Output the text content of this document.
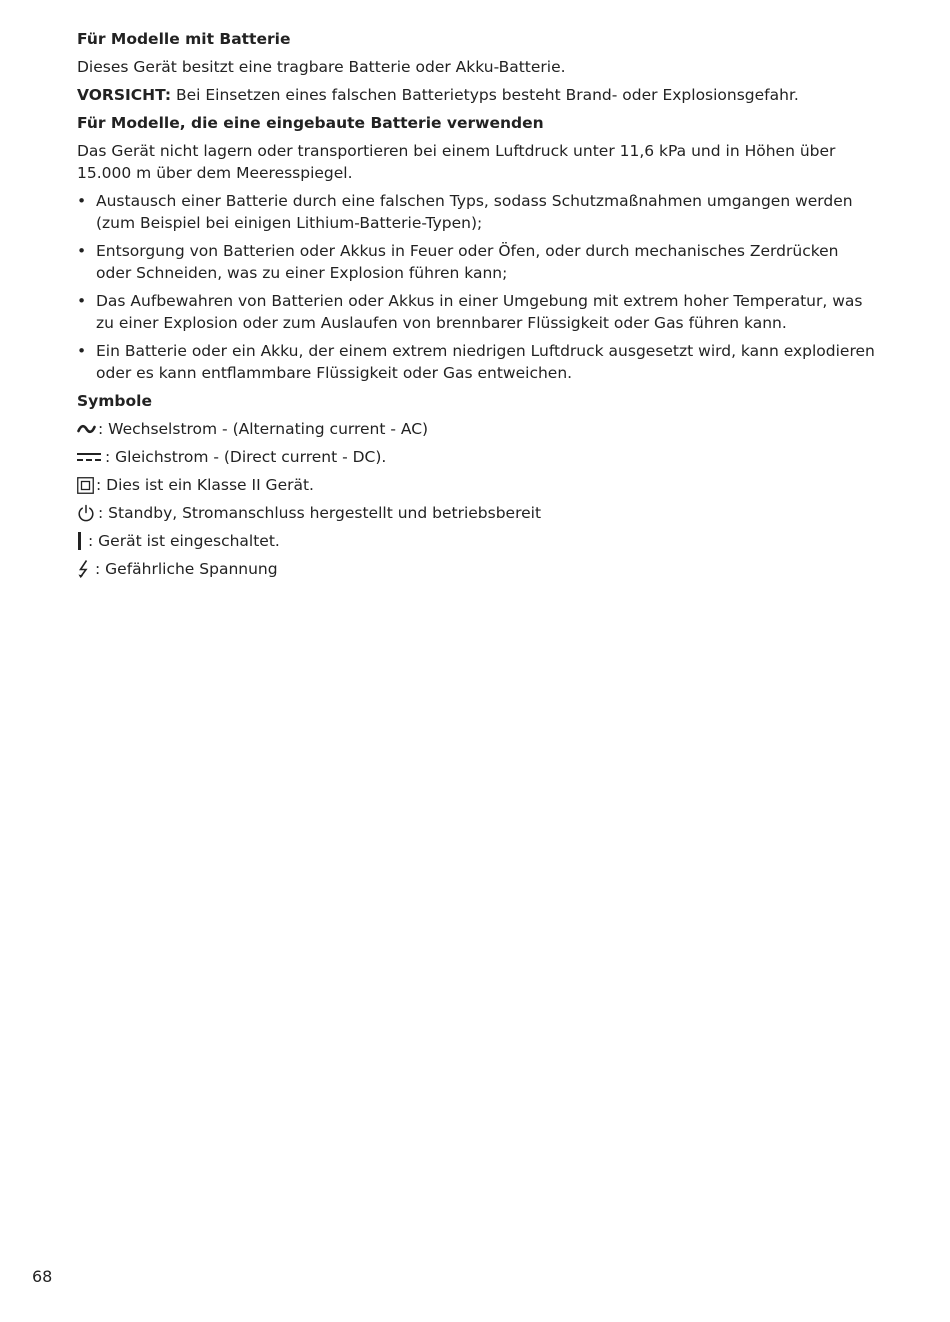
Für Modelle mit Batterie

Dieses Gerät besitzt eine tragbare Batterie oder Akku-Batterie.

VORSICHT: Bei Einsetzen eines falschen Batterietyps besteht Brand- oder Explosionsgefahr.

Für Modelle, die eine eingebaute Batterie verwenden

Das Gerät nicht lagern oder transportieren bei einem Luftdruck unter 11,6 kPa und in Höhen über 15.000 m über dem Meeresspiegel.

• Austausch einer Batterie durch eine falschen Typs, sodass Schutzmaßnahmen umgangen werden (zum Beispiel bei einigen Lithium-Batterie-Typen);
• Entsorgung von Batterien oder Akkus in Feuer oder Öfen, oder durch mechanisches Zerdrücken oder Schneiden, was zu einer Explosion führen kann;
• Das Aufbewahren von Batterien oder Akkus in einer Umgebung mit extrem hoher Temperatur, was zu einer Explosion oder zum Auslaufen von brennbarer Flüssigkeit oder Gas führen kann.
• Ein Batterie oder ein Akku, der einem extrem niedrigen Luftdruck ausgesetzt wird, kann explodieren oder es kann entflammbare Flüssigkeit oder Gas entweichen.

Symbole

: Wechselstrom - (Alternating current - AC)
: Gleichstrom - (Direct current - DC).
: Dies ist ein Klasse II Gerät.
: Standby, Stromanschluss hergestellt und betriebsbereit
: Gerät ist eingeschaltet.
: Gefährliche Spannung
68
